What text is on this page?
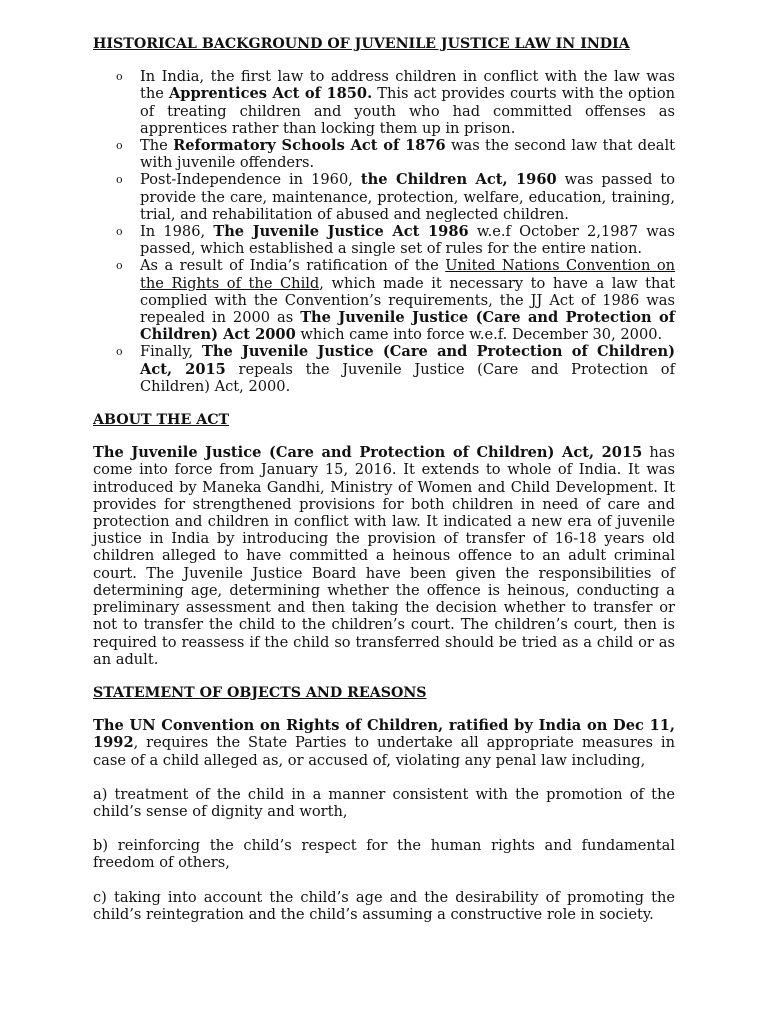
HISTORICAL BACKGROUND OF JUVENILE JUSTICE LAW IN INDIA
o In India, the first law to address children in conflict with the law was the Apprentices Act of 1850. This act provides courts with the option of treating children and youth who had committed offenses as apprentices rather than locking them up in prison.
o The Reformatory Schools Act of 1876 was the second law that dealt with juvenile offenders.
o Post-Independence in 1960, the Children Act, 1960 was passed to provide the care, maintenance, protection, welfare, education, training, trial, and rehabilitation of abused and neglected children.
o In 1986, The Juvenile Justice Act 1986 w.e.f October 2,1987 was passed, which established a single set of rules for the entire nation.
o As a result of India’s ratification of the United Nations Convention on the Rights of the Child, which made it necessary to have a law that complied with the Convention’s requirements, the JJ Act of 1986 was repealed in 2000 as The Juvenile Justice (Care and Protection of Children) Act 2000 which came into force w.e.f. December 30, 2000.
o Finally, The Juvenile Justice (Care and Protection of Children) Act, 2015 repeals the Juvenile Justice (Care and Protection of Children) Act, 2000.
ABOUT THE ACT

The Juvenile Justice (Care and Protection of Children) Act, 2015 has come into force from January 15, 2016. It extends to whole of India. It was introduced by Maneka Gandhi, Ministry of Women and Child Development. It provides for strengthened provisions for both children in need of care and protection and children in conflict with law. It indicated a new era of juvenile justice in India by introducing the provision of transfer of 16-18 years old children alleged to have committed a heinous offence to an adult criminal court. The Juvenile Justice Board have been given the responsibilities of determining age, determining whether the offence is heinous, conducting a preliminary assessment and then taking the decision whether to transfer or not to transfer the child to the children’s court. The children’s court, then is required to reassess if the child so transferred should be tried as a child or as an adult.

STATEMENT OF OBJECTS AND REASONS

The UN Convention on Rights of Children, ratified by India on Dec 11, 1992, requires the State Parties to undertake all appropriate measures in case of a child alleged as, or accused of, violating any penal law including,

a) treatment of the child in a manner consistent with the promotion of the child’s sense of dignity and worth,

b) reinforcing the child’s respect for the human rights and fundamental freedom of others,

c) taking into account the child’s age and the desirability of promoting the child’s reintegration and the child’s assuming a constructive role in society.
